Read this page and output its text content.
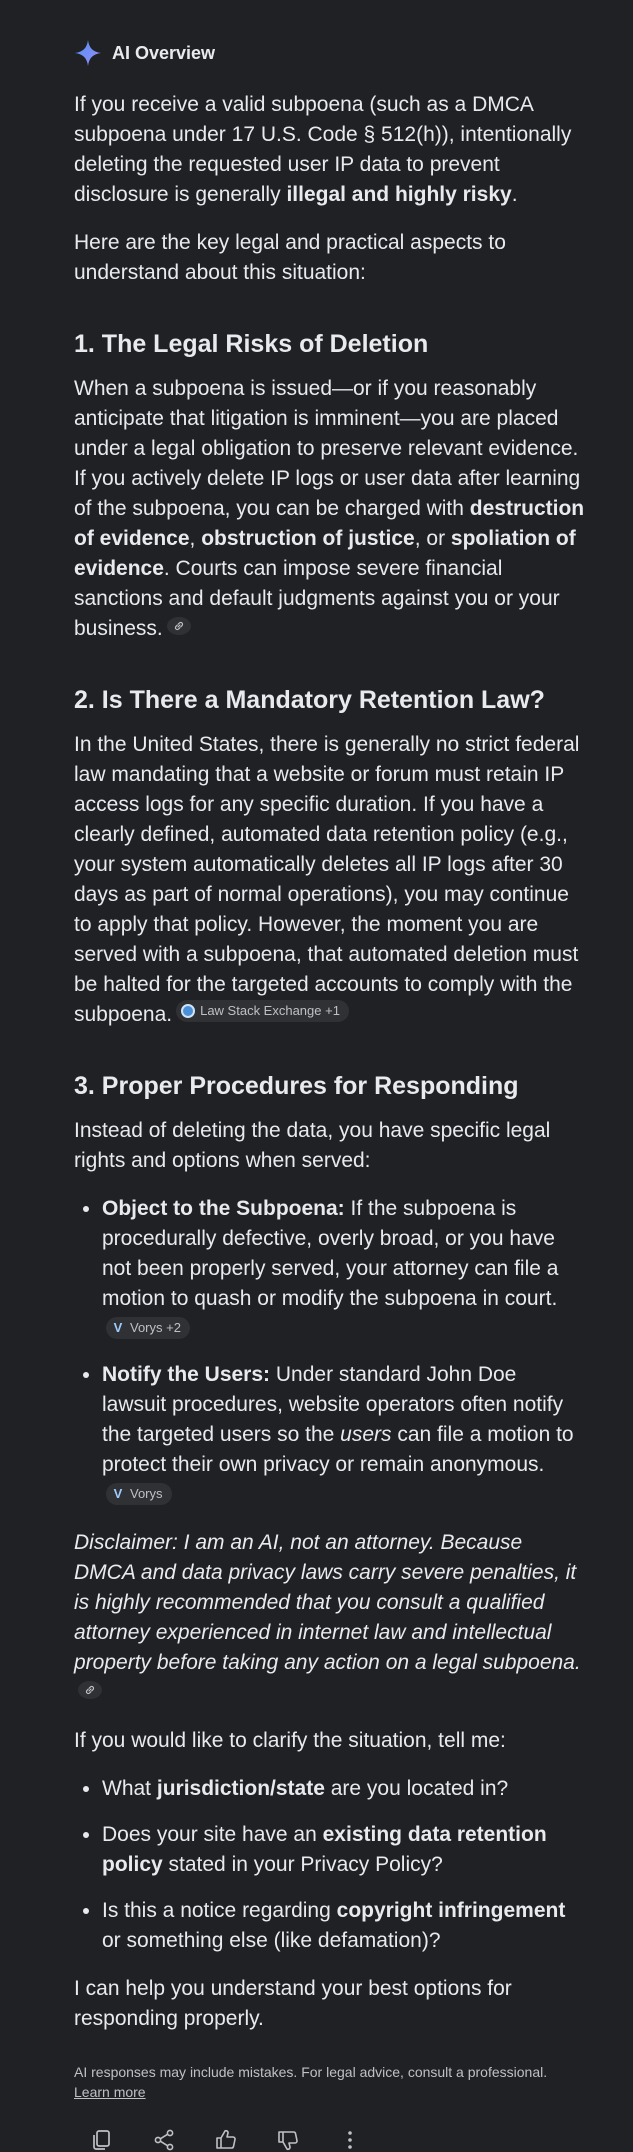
AI Overview

If you receive a valid subpoena (such as a DMCA subpoena under 17 U.S. Code § 512(h)), intentionally deleting the requested user IP data to prevent disclosure is generally illegal and highly risky.

Here are the key legal and practical aspects to understand about this situation:

1. The Legal Risks of Deletion

When a subpoena is issued—or if you reasonably anticipate that litigation is imminent—you are placed under a legal obligation to preserve relevant evidence. If you actively delete IP logs or user data after learning of the subpoena, you can be charged with destruction of evidence, obstruction of justice, or spoliation of evidence. Courts can impose severe financial sanctions and default judgments against you or your business.

2. Is There a Mandatory Retention Law?

In the United States, there is generally no strict federal law mandating that a website or forum must retain IP access logs for any specific duration. If you have a clearly defined, automated data retention policy (e.g., your system automatically deletes all IP logs after 30 days as part of normal operations), you may continue to apply that policy. However, the moment you are served with a subpoena, that automated deletion must be halted for the targeted accounts to comply with the subpoena. Law Stack Exchange +1

3. Proper Procedures for Responding

Instead of deleting the data, you have specific legal rights and options when served:

• Object to the Subpoena: If the subpoena is procedurally defective, overly broad, or you have not been properly served, your attorney can file a motion to quash or modify the subpoena in court.
V Vorys +2
• Notify the Users: Under standard John Doe lawsuit procedures, website operators often notify the targeted users so the users can file a motion to protect their own privacy or remain anonymous.
V Vorys

Disclaimer: I am an AI, not an attorney. Because DMCA and data privacy laws carry severe penalties, it is highly recommended that you consult a qualified attorney experienced in internet law and intellectual property before taking any action on a legal subpoena.

If you would like to clarify the situation, tell me:

• What jurisdiction/state are you located in?
• Does your site have an existing data retention policy stated in your Privacy Policy?
• Is this a notice regarding copyright infringement or something else (like defamation)?

I can help you understand your best options for responding properly.

AI responses may include mistakes. For legal advice, consult a professional. Learn more
